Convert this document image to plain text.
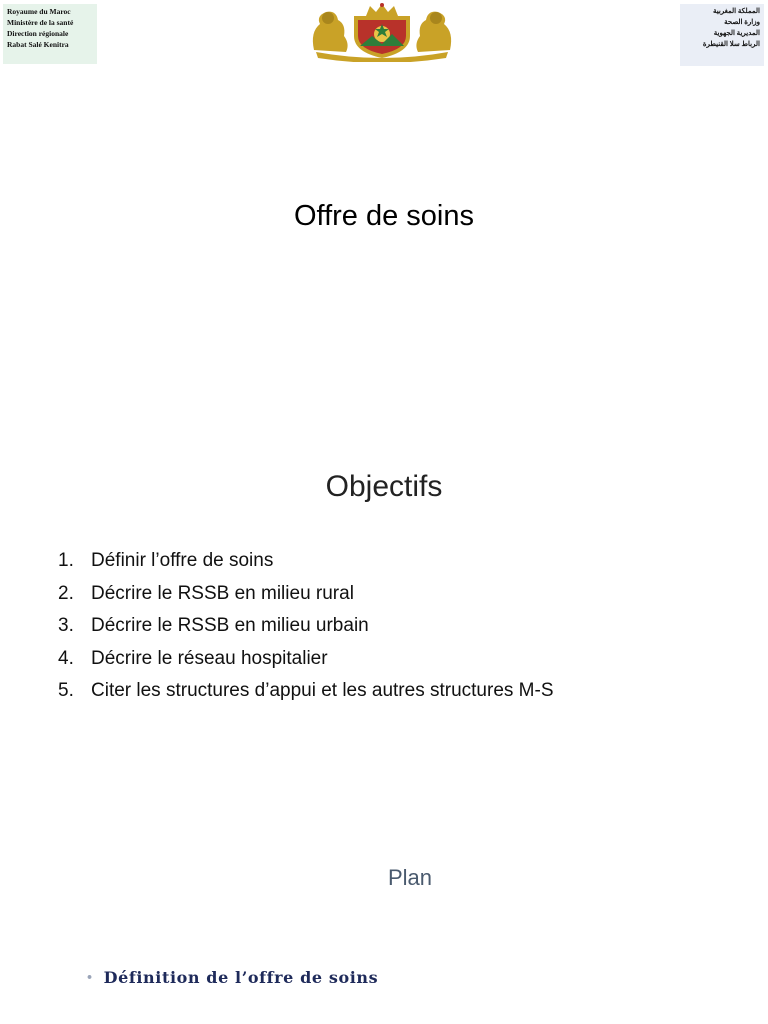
Royaume du Maroc
Ministère de la santé
Direction régionale
Rabat Salé Kenitra
المملكة المغربية
وزارة الصحة
المديرية الجهوية
الرباط سلا القنيطرة
Offre de soins
Objectifs
1. Définir l’offre de soins
2. Décrire le RSSB en milieu rural
3. Décrire le RSSB en milieu urbain
4. Décrire le réseau hospitalier
5. Citer les structures d’appui et les autres structures M-S
Plan
• Définition de l’offre de soins
